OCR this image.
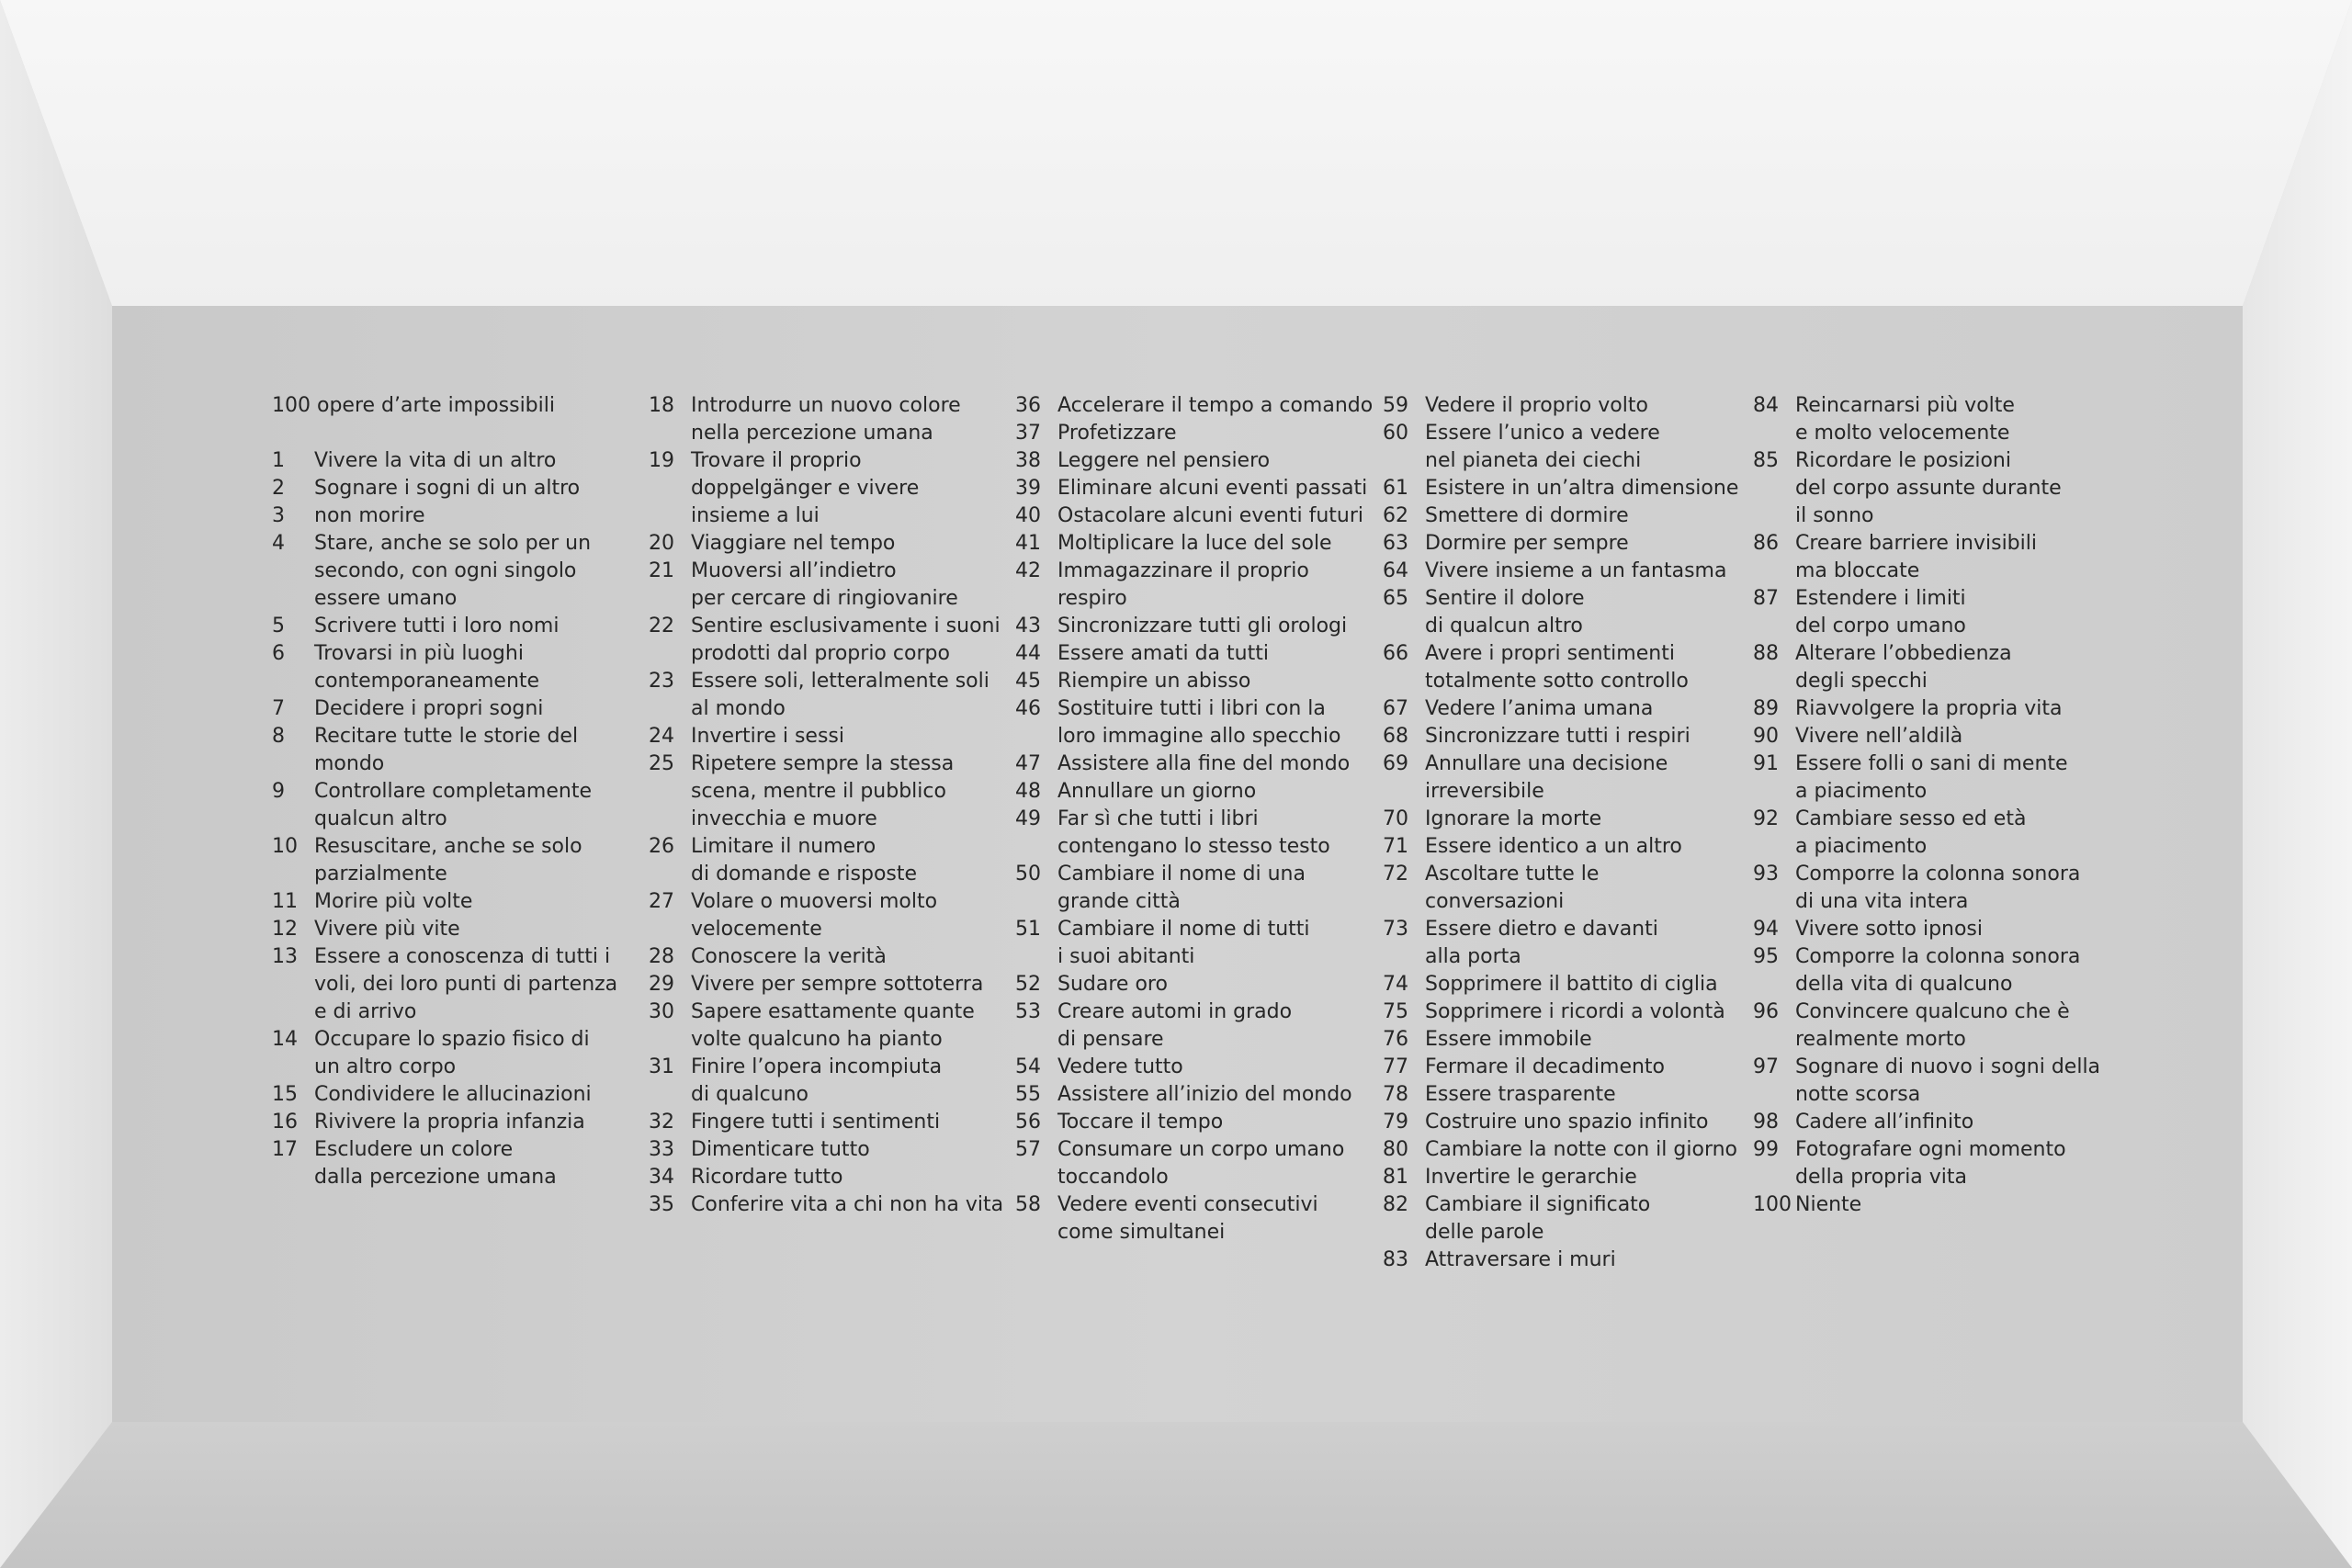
100 opere d’arte impossibili
1	Vivere la vita di un altro
2	Sognare i sogni di un altro
3	non morire
4	Stare, anche se solo per un
secondo, con ogni singolo
essere umano
5	Scrivere tutti i loro nomi
6	Trovarsi in più luoghi
contemporaneamente
7	Decidere i propri sogni
8	Recitare tutte le storie del
mondo
9	Controllare completamente
qualcun altro
10 Resuscitare, anche se solo
parzialmente
11 Morire più volte
12 Vivere più vite
13 Essere a conoscenza di tutti i
voli, dei loro punti di partenza
e di arrivo
14 Occupare lo spazio fisico di
un altro corpo
15 Condividere le allucinazioni
16 Rivivere la propria infanzia
17 Escludere un colore
dalla percezione umana
18 Introdurre un nuovo colore
nella percezione umana
19 Trovare il proprio
doppelgänger e vivere
insieme a lui
20 Viaggiare nel tempo
21 Muoversi all’indietro
per cercare di ringiovanire
22 Sentire esclusivamente i suoni
prodotti dal proprio corpo
23 Essere soli, letteralmente soli
al mondo
24 Invertire i sessi
25 Ripetere sempre la stessa
scena, mentre il pubblico
invecchia e muore
26 Limitare il numero
di domande e risposte
27 Volare o muoversi molto
velocemente
28 Conoscere la verità
29 Vivere per sempre sottoterra
30 Sapere esattamente quante
volte qualcuno ha pianto
31 Finire l’opera incompiuta
di qualcuno
32 Fingere tutti i sentimenti
33 Dimenticare tutto
34 Ricordare tutto
35 Conferire vita a chi non ha vita
36 Accelerare il tempo a comando
37 Profetizzare
38 Leggere nel pensiero
39 Eliminare alcuni eventi passati
40 Ostacolare alcuni eventi futuri
41 Moltiplicare la luce del sole
42 Immagazzinare il proprio
respiro
43 Sincronizzare tutti gli orologi
44 Essere amati da tutti
45 Riempire un abisso
46 Sostituire tutti i libri con la
loro immagine allo specchio
47 Assistere alla fine del mondo
48 Annullare un giorno
49 Far sì che tutti i libri
contengano lo stesso testo
50 Cambiare il nome di una
grande città
51 Cambiare il nome di tutti
i suoi abitanti
52 Sudare oro
53 Creare automi in grado
di pensare
54 Vedere tutto
55 Assistere all’inizio del mondo
56 Toccare il tempo
57 Consumare un corpo umano
toccandolo
58 Vedere eventi consecutivi
come simultanei
59 Vedere il proprio volto
60 Essere l’unico a vedere
nel pianeta dei ciechi
61 Esistere in un’altra dimensione
62 Smettere di dormire
63 Dormire per sempre
64 Vivere insieme a un fantasma
65 Sentire il dolore
di qualcun altro
66 Avere i propri sentimenti
totalmente sotto controllo
67 Vedere l’anima umana
68 Sincronizzare tutti i respiri
69 Annullare una decisione
irreversibile
70 Ignorare la morte
71 Essere identico a un altro
72 Ascoltare tutte le conversazioni
73 Essere dietro e davanti
alla porta
74 Sopprimere il battito di ciglia
75 Sopprimere i ricordi a volontà
76 Essere immobile
77 Fermare il decadimento
78 Essere trasparente
79 Costruire uno spazio infinito
80 Cambiare la notte con il giorno
81 Invertire le gerarchie
82 Cambiare il significato
delle parole
83 Attraversare i muri
84 Reincarnarsi più volte
e molto velocemente
85 Ricordare le posizioni
del corpo assunte durante
il sonno
86 Creare barriere invisibili
ma bloccate
87 Estendere i limiti
del corpo umano
88 Alterare l’obbedienza
degli specchi
89 Riavvolgere la propria vita
90 Vivere nell’aldilà
91 Essere folli o sani di mente
a piacimento
92 Cambiare sesso ed età
a piacimento
93 Comporre la colonna sonora
di una vita intera
94 Vivere sotto ipnosi
95 Comporre la colonna sonora
della vita di qualcuno
96 Convincere qualcuno che è
realmente morto
97 Sognare di nuovo i sogni della
notte scorsa
98 Cadere all’infinito
99 Fotografare ogni momento
della propria vita
100 Niente
